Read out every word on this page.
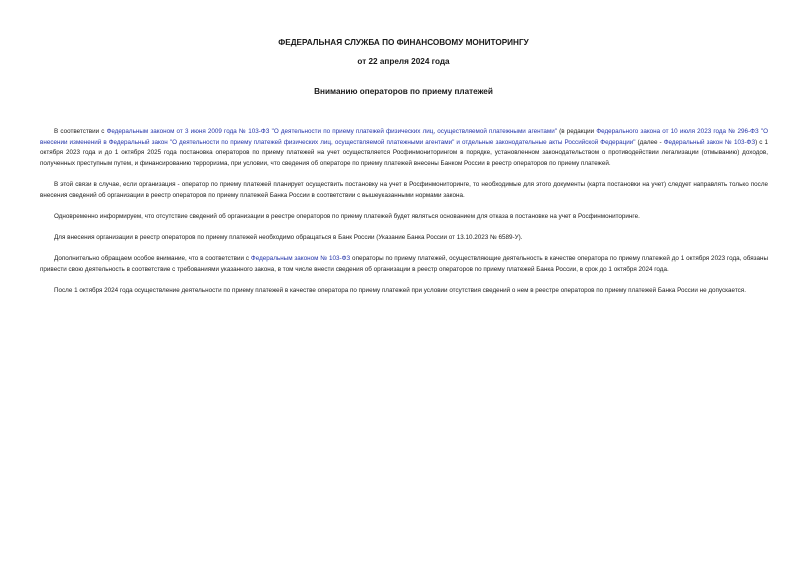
ФЕДЕРАЛЬНАЯ СЛУЖБА ПО ФИНАНСОВОМУ МОНИТОРИНГУ
от 22 апреля 2024 года
Вниманию операторов по приему платежей

В соответствии с Федеральным законом от 3 июня 2009 года № 103-ФЗ "О деятельности по приему платежей физических лиц, осуществляемой платежными агентами" (в редакции Федерального закона от 10 июля 2023 года № 296-ФЗ "О внесении изменений в Федеральный закон "О деятельности по приему платежей физических лиц, осуществляемой платежными агентами" и отдельные законодательные акты Российской Федерации" (далее - Федеральный закон № 103-ФЗ) с 1 октября 2023 года и до 1 октября 2025 года постановка операторов по приему платежей на учет осуществляется Росфинмониторингом в порядке, установленном законодательством о противодействии легализации (отмыванию) доходов, полученных преступным путем, и финансированию терроризма, при условии, что сведения об операторе по приему платежей внесены Банком России в реестр операторов по приему платежей.

В этой связи в случае, если организация - оператор по приему платежей планирует осуществить постановку на учет в Росфинмониторинге, то необходимые для этого документы (карта постановки на учет) следует направлять только после внесения сведений об организации в реестр операторов по приему платежей Банка России в соответствии с вышеуказанными нормами закона.

Одновременно информируем, что отсутствие сведений об организации в реестре операторов по приему платежей будет являться основанием для отказа в постановке на учет в Росфинмониторинге.

Для внесения организации в реестр операторов по приему платежей необходимо обращаться в Банк России (Указание Банка России от 13.10.2023 № 6589-У).

Дополнительно обращаем особое внимание, что в соответствии с Федеральным законом № 103-ФЗ операторы по приему платежей, осуществляющие деятельность в качестве оператора по приему платежей до 1 октября 2023 года, обязаны привести свою деятельность в соответствие с требованиями указанного закона, в том числе внести сведения об организации в реестр операторов по приему платежей Банка России, в срок до 1 октября 2024 года.

После 1 октября 2024 года осуществление деятельности по приему платежей в качестве оператора по приему платежей при условии отсутствия сведений о нем в реестре операторов по приему платежей Банка России не допускается.
